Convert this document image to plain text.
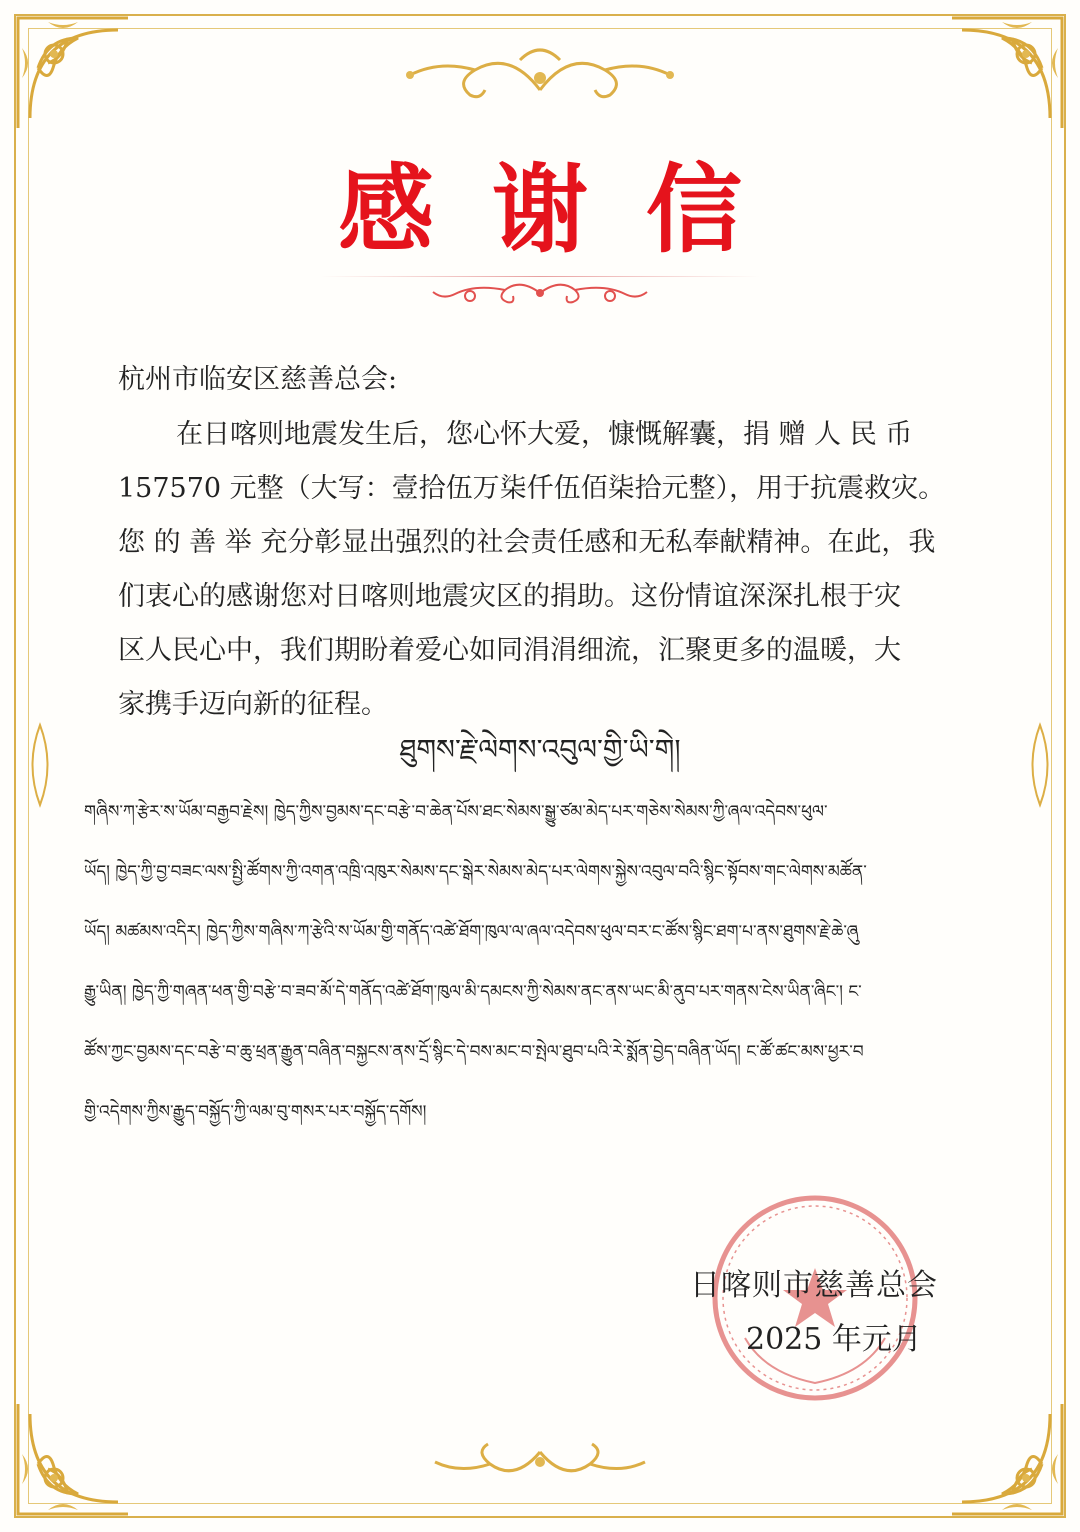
感谢信
杭州市临安区慈善总会:

在日喀则地震发生后，您心怀大爱，慷慨解囊，捐 赠 人 民 币

157570 元整（大写：壹拾伍万柒仟伍佰柒拾元整），用于抗震救灾。

您 的 善 举 充分彰显出强烈的社会责任感和无私奉献精神。在此，我

们衷心的感谢您对日喀则地震灾区的捐助。这份情谊深深扎根于灾

区人民心中，我们期盼着爱心如同涓涓细流，汇聚更多的温暖，大

家携手迈向新的征程。

ཐུགས་རྗེ་ལེགས་འབུལ་གྱི་ཡི་གེ།

གཞིས་ཀ་རྩེར་ས་ཡོམ་བརྒྱབ་རྗེས། ཁྱེད་ཀྱིས་བྱམས་དང་བརྩེ་བ་ཆེན་པོས་ཐང་སེམས་སྒྱུ་ཙམ་མེད་པར་གཅེས་སེམས་ཀྱི་ཞལ་འདེབས་ཕུལ་

ཡོད། ཁྱེད་ཀྱི་བྱ་བཟང་ལས་སྤྱི་ཚོགས་ཀྱི་འགན་འཁྲི་འཁུར་སེམས་དང་སྒེར་སེམས་མེད་པར་ལེགས་སྐྱེས་འབུལ་བའི་སྙིང་སྟོབས་གང་ལེགས་མཚོན་

ཡོད། མཚམས་འདིར། ཁྱེད་ཀྱིས་གཞིས་ཀ་རྩེའི་ས་ཡོམ་གྱི་གནོད་འཚེ་ཐོག་ཁུལ་ལ་ཞལ་འདེབས་ཕུལ་བར་ང་ཚོས་སྙིང་ཐག་པ་ནས་ཐུགས་རྗེ་ཆེ་ཞུ

རྒྱུ་ཡིན། ཁྱེད་ཀྱི་གཞན་ཕན་གྱི་བརྩེ་བ་ཟབ་མོ་དེ་གནོད་འཚེ་ཐོག་ཁུལ་མི་དམངས་ཀྱི་སེམས་ནང་ནས་ཡང་མི་ནུབ་པར་གནས་ངེས་ཡིན་ཞིང་། ང་

ཚོས་ཀྱང་བྱམས་དང་བརྩེ་བ་ཆུ་ཕྲན་རྒྱུན་བཞིན་བསྐྱངས་ནས་དྲོ་སྙིང་དེ་བས་མང་བ་སྤེལ་ཐུབ་པའི་རེ་སྨོན་བྱེད་བཞིན་ཡོད། ང་ཚོ་ཚང་མས་ཕྱར་བ

གྱི་འདེགས་ཀྱིས་རྒྱུད་བསྐྱོད་ཀྱི་ལམ་བུ་གསར་པར་བསྐྱོད་དགོས།

日喀则市慈善总会
2025 年元月
